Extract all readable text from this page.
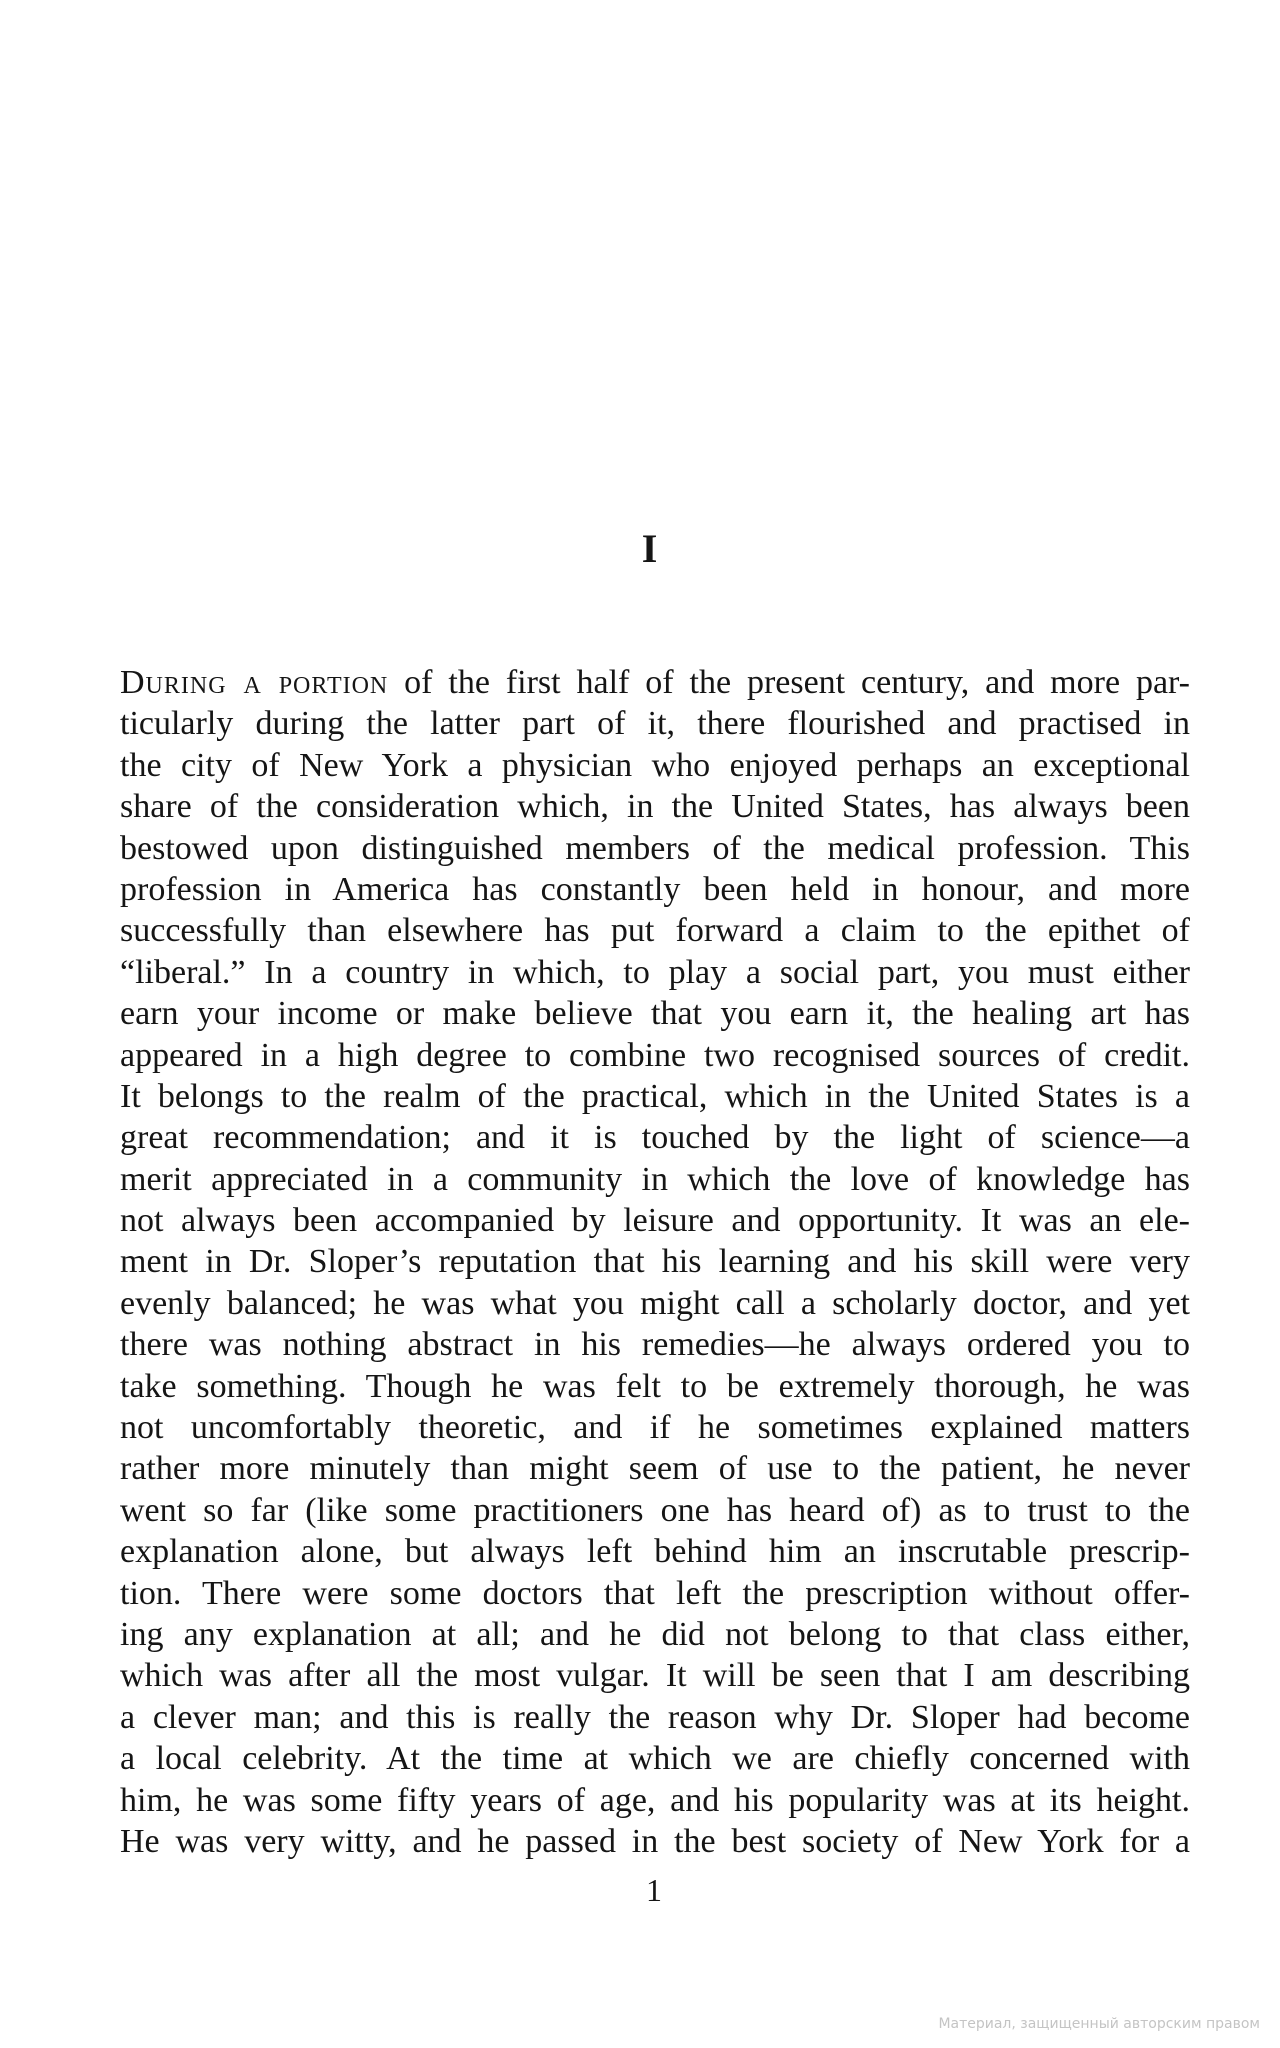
I
During a portion of the first half of the present century, and more par-
ticularly during the latter part of it, there flourished and practised in
the city of New York a physician who enjoyed perhaps an exceptional
share of the consideration which, in the United States, has always been
bestowed upon distinguished members of the medical profession. This
profession in America has constantly been held in honour, and more
successfully than elsewhere has put forward a claim to the epithet of
“liberal.” In a country in which, to play a social part, you must either
earn your income or make believe that you earn it, the healing art has
appeared in a high degree to combine two recognised sources of credit.
It belongs to the realm of the practical, which in the United States is a
great recommendation; and it is touched by the light of science—a
merit appreciated in a community in which the love of knowledge has
not always been accompanied by leisure and opportunity. It was an ele-
ment in Dr. Sloper’s reputation that his learning and his skill were very
evenly balanced; he was what you might call a scholarly doctor, and yet
there was nothing abstract in his remedies—he always ordered you to
take something. Though he was felt to be extremely thorough, he was
not uncomfortably theoretic, and if he sometimes explained matters
rather more minutely than might seem of use to the patient, he never
went so far (like some practitioners one has heard of) as to trust to the
explanation alone, but always left behind him an inscrutable prescrip-
tion. There were some doctors that left the prescription without offer-
ing any explanation at all; and he did not belong to that class either,
which was after all the most vulgar. It will be seen that I am describing
a clever man; and this is really the reason why Dr. Sloper had become
a local celebrity. At the time at which we are chiefly concerned with
him, he was some fifty years of age, and his popularity was at its height.
He was very witty, and he passed in the best society of New York for a
1
Материал, защищенный авторским правом
